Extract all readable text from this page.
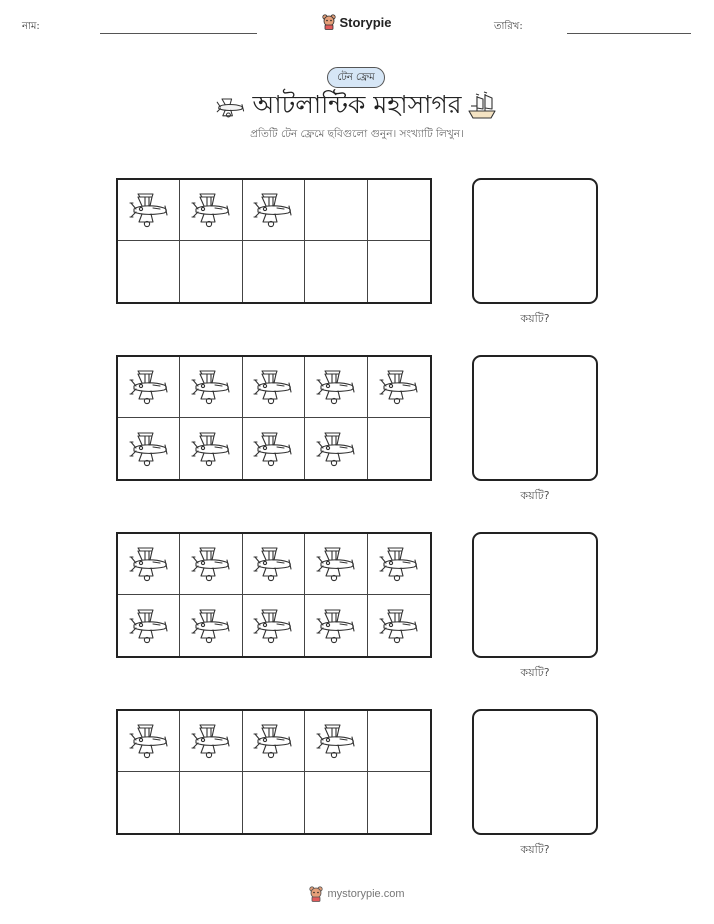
নাম:	Storypie	তারিখ:
টেন ফ্রেম
আটলান্টিক মহাসাগর
প্রতিটি টেন ফ্রেমে ছবিগুলো গুনুন। সংখ্যাটি লিখুন।
কয়টি?
কয়টি?
কয়টি?
কয়টি?
mystorypie.com
